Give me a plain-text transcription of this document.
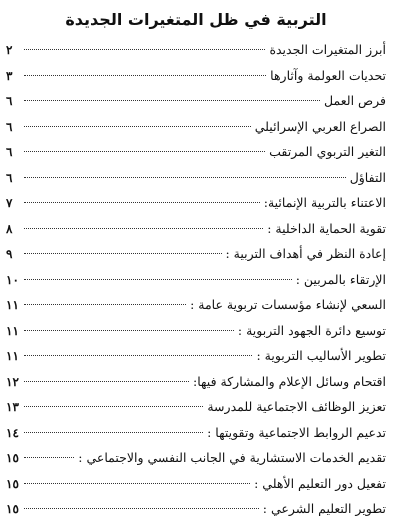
التربية في ظل المتغيرات الجديدة
أبرز المتغيرات الجديدة
٢
تحديات العولمة وآثارها
٣
فرص العمل
٦
الصراع العربي الإسرائيلي
٦
التغير التربوي المرتقب
٦
التفاؤل
٦
الاعتناء بالتربية الإنمائية:
٧
تقوية الحماية الداخلية :
٨
إعادة النظر في أهداف التربية :
٩
الإرتقاء بالمربين :
١٠
السعي لإنشاء مؤسسات تربوية عامة :
١١
توسيع دائرة الجهود التربوية :
١١
تطوير الأساليب التربوية :
١١
اقتحام وسائل الإعلام والمشاركة فيها:
١٢
تعزيز الوظائف الاجتماعية للمدرسة
١٣
تدعيم الروابط الاجتماعية وتقويتها :
١٤
تقديم الخدمات الاستشارية في الجانب النفسي والاجتماعي :
١٥
تفعيل دور التعليم الأهلي :
١٥
تطوير التعليم الشرعي :
١٥
